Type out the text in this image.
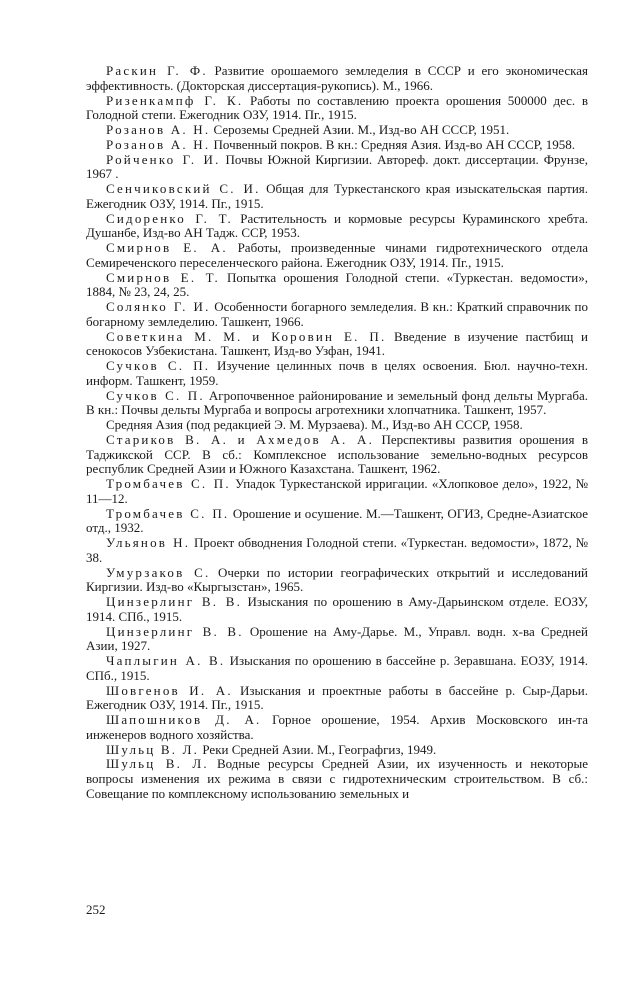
Раскин Г. Ф. Развитие орошаемого земледелия в СССР и его экономическая эффективность. (Докторская диссертация-рукопись). М., 1966.

Ризенкампф Г. К. Работы по составлению проекта орошения 500000 дес. в Голодной степи. Ежегодник ОЗУ, 1914. Пг., 1915.

Розанов А. Н. Сероземы Средней Азии. М., Изд-во АН СССР, 1951.

Розанов А. Н. Почвенный покров. В кн.: Средняя Азия. Изд-во АН СССР, 1958.

Ройченко Г. И. Почвы Южной Киргизии. Автореф. докт. диссертации. Фрунзе, 1967 .

Сенчиковский С. И. Общая для Туркестанского края изыскательская партия. Ежегодник ОЗУ, 1914. Пг., 1915.

Сидоренко Г. Т. Растительность и кормовые ресурсы Кураминского хребта. Душанбе, Изд-во АН Тадж. ССР, 1953.

Смирнов Е. А. Работы, произведенные чинами гидротехнического отдела Семиреченского переселенческого района. Ежегодник ОЗУ, 1914. Пг., 1915.

Смирнов Е. Т. Попытка орошения Голодной степи. «Туркестан. ведомости», 1884, № 23, 24, 25.

Солянко Г. И. Особенности богарного земледелия. В кн.: Краткий справочник по богарному земледелию. Ташкент, 1966.

Советкина М. М. и Коровин Е. П. Введение в изучение пастбищ и сенокосов Узбекистана. Ташкент, Изд-во Узфан, 1941.

Сучков С. П. Изучение целинных почв в целях освоения. Бюл. научно-техн. информ. Ташкент, 1959.

Сучков С. П. Агропочвенное районирование и земельный фонд дельты Мургаба. В кн.: Почвы дельты Мургаба и вопросы агротехники хлопчатника. Ташкент, 1957.

Средняя Азия (под редакцией Э. М. Мурзаева). М., Изд-во АН СССР, 1958.

Стариков В. А. и Ахмедов А. А. Перспективы развития орошения в Таджикской ССР. В сб.: Комплексное использование земельно-водных ресурсов республик Средней Азии и Южного Казахстана. Ташкент, 1962.

Тромбачев С. П. Упадок Туркестанской ирригации. «Хлопковое дело», 1922, № 11—12.

Тромбачев С. П. Орошение и осушение. М.—Ташкент, ОГИЗ, Средне-Азиатское отд., 1932.

Ульянов Н. Проект обводнения Голодной степи. «Туркестан. ведомости», 1872, № 38.

Умурзаков С. Очерки по истории географических открытий и исследований Киргизии. Изд-во «Кыргызстан», 1965.

Цинзерлинг В. В. Изыскания по орошению в Аму-Дарьинском отделе. ЕОЗУ, 1914. СПб., 1915.

Цинзерлинг В. В. Орошение на Аму-Дарье. М., Управл. водн. х-ва Средней Азии, 1927.

Чаплыгин А. В. Изыскания по орошению в бассейне р. Зеравшана. ЕОЗУ, 1914. СПб., 1915.

Шовгенов И. А. Изыскания и проектные работы в бассейне р. Сыр-Дарьи. Ежегодник ОЗУ, 1914. Пг., 1915.

Шапошников Д. А. Горное орошение, 1954. Архив Московского ин-та инженеров водного хозяйства.

Шульц В. Л. Реки Средней Азии. М., Географгиз, 1949.

Шульц В. Л. Водные ресурсы Средней Азии, их изученность и некоторые вопросы изменения их режима в связи с гидротехническим строительством. В сб.: Совещание по комплексному использованию земельных и

252
